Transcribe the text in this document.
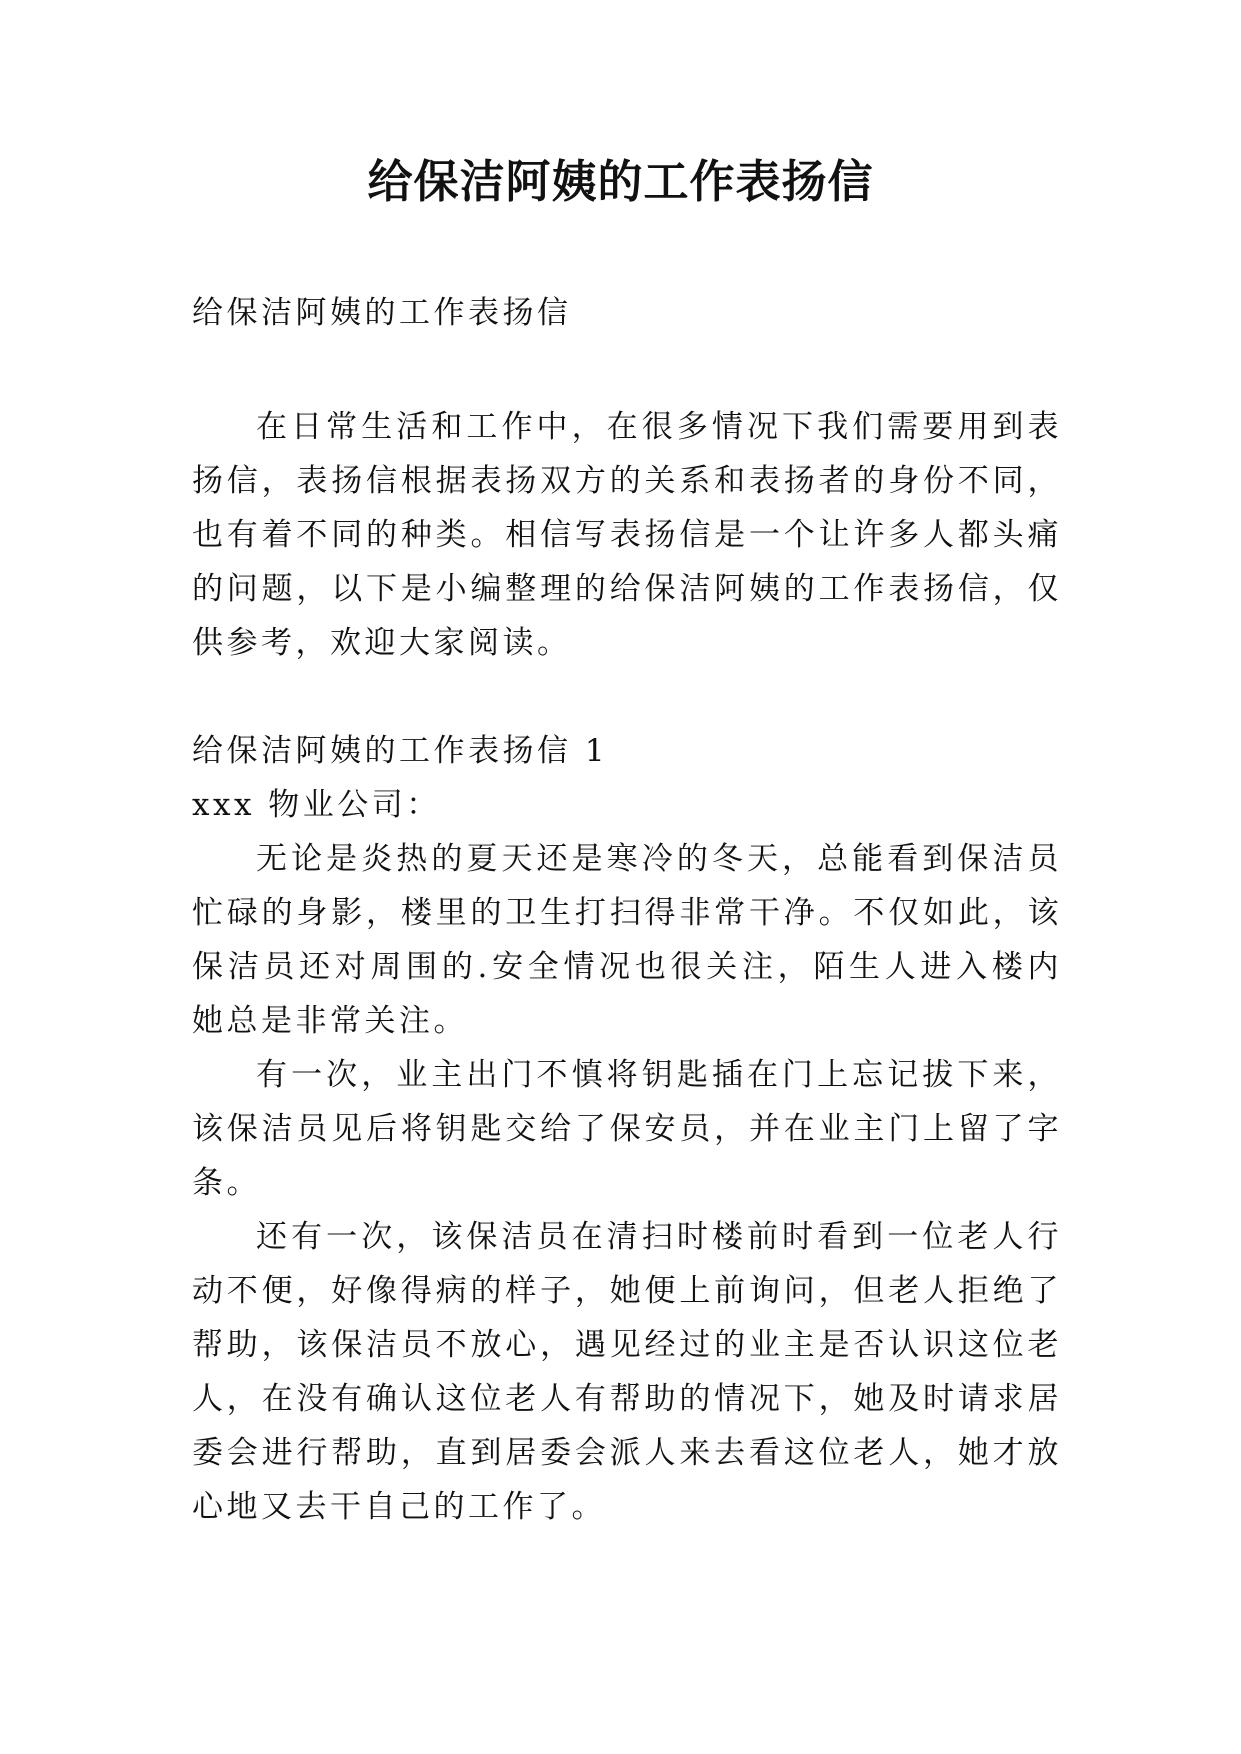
给保洁阿姨的工作表扬信

给保洁阿姨的工作表扬信

在日常生活和工作中，在很多情况下我们需要用到表扬信，表扬信根据表扬双方的关系和表扬者的身份不同，也有着不同的种类。相信写表扬信是一个让许多人都头痛的问题，以下是小编整理的给保洁阿姨的工作表扬信，仅供参考，欢迎大家阅读。

给保洁阿姨的工作表扬信 1

xxx 物业公司：

无论是炎热的夏天还是寒冷的冬天，总能看到保洁员忙碌的身影，楼里的卫生打扫得非常干净。不仅如此，该保洁员还对周围的.安全情况也很关注，陌生人进入楼内她总是非常关注。

有一次，业主出门不慎将钥匙插在门上忘记拔下来，该保洁员见后将钥匙交给了保安员，并在业主门上留了字条。

还有一次，该保洁员在清扫时楼前时看到一位老人行动不便，好像得病的样子，她便上前询问，但老人拒绝了帮助，该保洁员不放心，遇见经过的业主是否认识这位老人，在没有确认这位老人有帮助的情况下，她及时请求居委会进行帮助，直到居委会派人来去看这位老人，她才放心地又去干自己的工作了。
